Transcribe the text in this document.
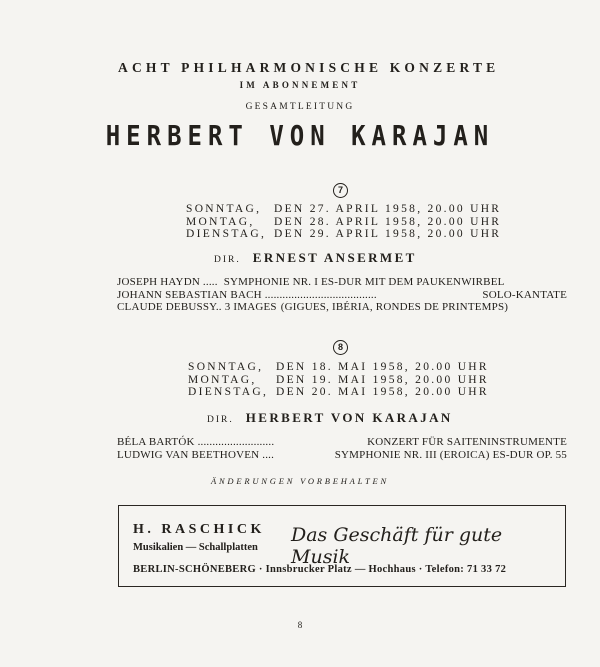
ACHT PHILHARMONISCHE KONZERTE
IM ABONNEMENT
GESAMTLEITUNG
HERBERT VON KARAJAN
7
SONNTAG,	DEN 27. APRIL 1958, 20.00 UHR
MONTAG,	DEN 28. APRIL 1958, 20.00 UHR
DIENSTAG, DEN 29. APRIL 1958, 20.00 UHR
DIR. ERNEST ANSERMET
JOSEPH HAYDN ..... SYMPHONIE NR. I ES-DUR MIT DEM PAUKENWIRBEL
JOHANN SEBASTIAN BACH ......................................	SOLO-KANTATE
CLAUDE DEBUSSY.. 3 IMAGES (GIGUES, IBÉRIA, RONDES DE PRINTEMPS)
8
SONNTAG,	DEN 18. MAI 1958, 20.00 UHR
MONTAG,	DEN 19. MAI 1958, 20.00 UHR
DIENSTAG, DEN 20. MAI 1958, 20.00 UHR
DIR. HERBERT VON KARAJAN
BÉLA BARTÓK ..........................	KONZERT FÜR SAITENINSTRUMENTE
LUDWIG VAN BEETHOVEN ....	SYMPHONIE NR. III (EROICA) ES-DUR OP. 55
ÄNDERUNGEN VORBEHALTEN
H. RASCHICK
Musikalien — Schallplatten
Das Geschäft für gute Musik
BERLIN-SCHÖNEBERG · Innsbrucker Platz — Hochhaus · Telefon: 71 33 72
8
